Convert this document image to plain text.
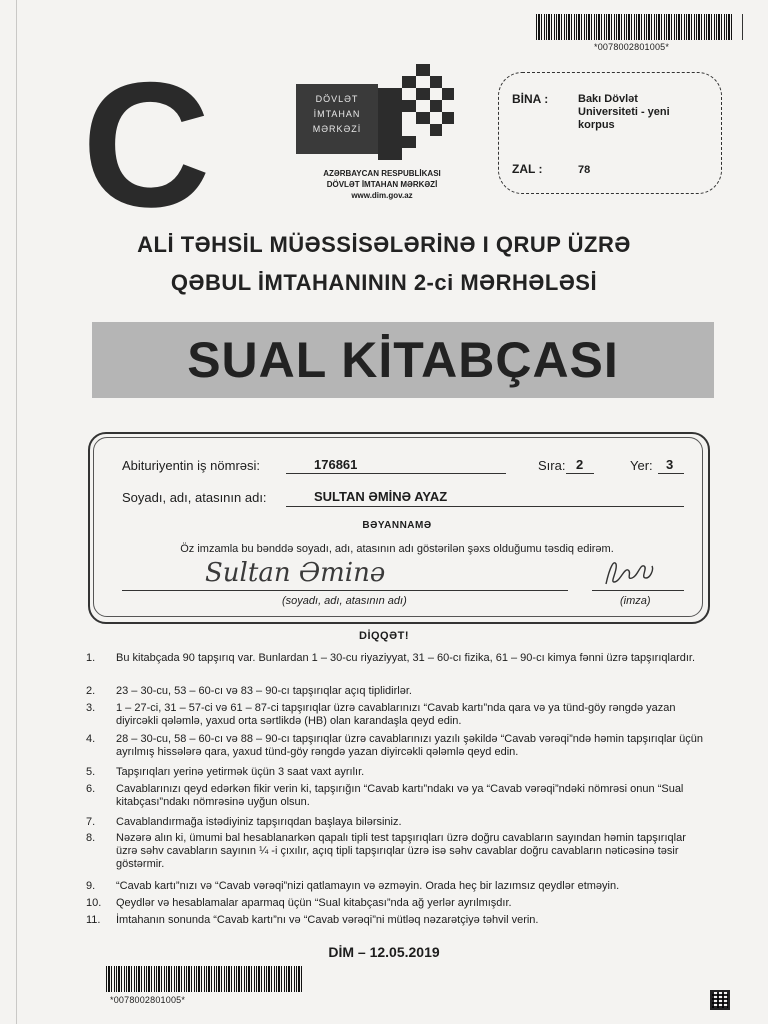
*0078002801005*
C	DÖVLƏT
İMTAHAN
MƏRKƏZİ
AZƏRBAYCAN RESPUBLİKASI
DÖVLƏT İMTAHAN MƏRKƏZİ
www.dim.gov.az
BİNA :	Bakı Dövlət
Universiteti - yeni
korpus
ZAL :	78
ALİ TƏHSİL MÜƏSSİSƏLƏRİNƏ I QRUP ÜZRƏ
QƏBUL İMTAHANININ 2-ci MƏRHƏLƏSİ
SUAL KİTABÇASI
Abituriyentin iş nömrəsi:	176861	Sıra: 2	Yer: 3
Soyadı, adı, atasının adı:	SULTAN ƏMİNƏ AYAZ
BƏYANNAMƏ
Öz imzamla bu bənddə soyadı, adı, atasının adı göstərilən şəxs olduğumu təsdiq edirəm.
Sultan Əminə
(soyadı, adı, atasının adı)	(imza)
DİQQƏT!
1. Bu kitabçada 90 tapşırıq var. Bunlardan 1 – 30-cu riyaziyyat, 31 – 60-cı fizika, 61 – 90-cı kimya fənni üzrə tapşırıqlardır.
2. 23 – 30-cu, 53 – 60-cı və 83 – 90-cı tapşırıqlar açıq tiplidirlər.
3. 1 – 27-ci, 31 – 57-ci və 61 – 87-ci tapşırıqlar üzrə cavablarınızı “Cavab kartı”nda qara və ya tünd-göy rəngdə yazan diyircəkli qələmlə, yaxud orta sərtlikdə (HB) olan karandaşla qeyd edin.
4. 28 – 30-cu, 58 – 60-cı və 88 – 90-cı tapşırıqlar üzrə cavablarınızı yazılı şəkildə “Cavab vərəqi”ndə həmin tapşırıqlar üçün ayrılmış hissələrə qara, yaxud tünd-göy rəngdə yazan diyircəkli qələmlə qeyd edin.
5. Tapşırıqları yerinə yetirmək üçün 3 saat vaxt ayrılır.
6. Cavablarınızı qeyd edərkən fikir verin ki, tapşırığın “Cavab kartı”ndakı və ya “Cavab vərəqi”ndəki nömrəsi onun “Sual kitabçası”ndakı nömrəsinə uyğun olsun.
7. Cavablandırmağa istədiyiniz tapşırıqdan başlaya bilərsiniz.
8. Nəzərə alın ki, ümumi bal hesablanarkən qapalı tipli test tapşırıqları üzrə doğru cavabların sayından həmin tapşırıqlar üzrə səhv cavabların sayının ¼ -i çıxılır, açıq tipli tapşırıqlar üzrə isə səhv cavablar doğru cavabların nəticəsinə təsir göstərmir.
9. “Cavab kartı”nızı və “Cavab vərəqi”nizi qatlamayın və əzməyin. Orada heç bir lazımsız qeydlər etməyin.
10. Qeydlər və hesablamalar aparmaq üçün “Sual kitabçası”nda ağ yerlər ayrılmışdır.
11. İmtahanın sonunda “Cavab kartı”nı və “Cavab vərəqi”ni mütləq nəzarətçiyə təhvil verin.
DİM – 12.05.2019
*0078002801005*
